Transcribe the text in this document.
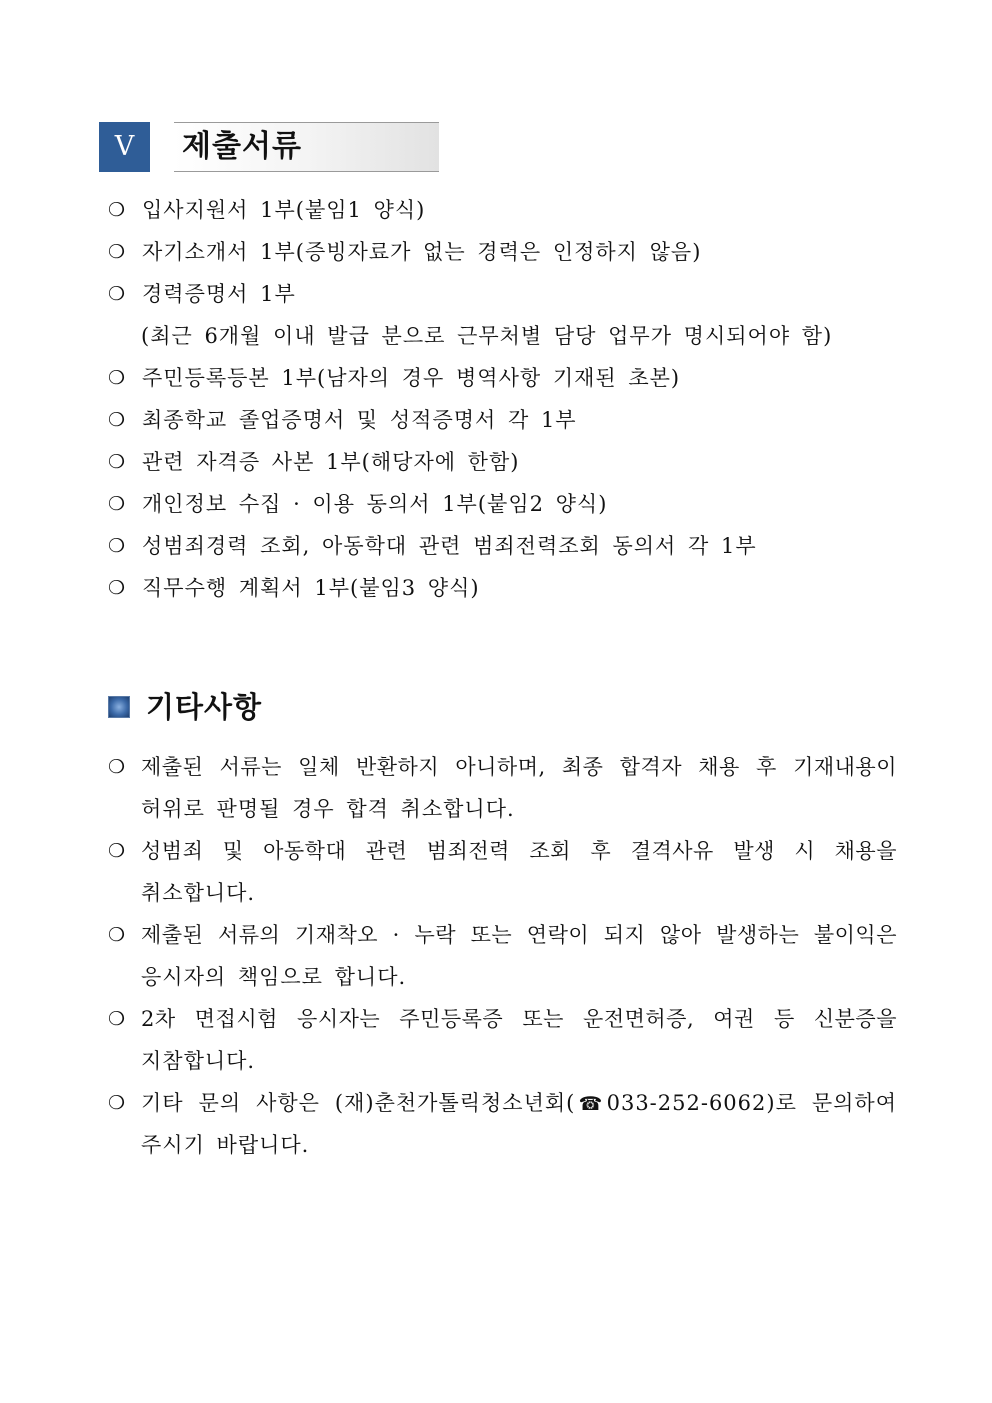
Ⅴ	제출서류
❍ 입사지원서 1부(붙임1 양식)
❍ 자기소개서 1부(증빙자료가 없는 경력은 인정하지 않음)
❍ 경력증명서 1부
(최근 6개월 이내 발급 분으로 근무처별 담당 업무가 명시되어야 함)
❍ 주민등록등본 1부(남자의 경우 병역사항 기재된 초본)
❍ 최종학교 졸업증명서 및 성적증명서 각 1부
❍ 관련 자격증 사본 1부(해당자에 한함)
❍ 개인정보 수집 · 이용 동의서 1부(붙임2 양식)
❍ 성범죄경력 조회, 아동학대 관련 범죄전력조회 동의서 각 1부
❍ 직무수행 계획서 1부(붙임3 양식)
기타사항
❍ 제출된 서류는 일체 반환하지 아니하며, 최종 합격자 채용 후 기재내용이
허위로 판명될 경우 합격 취소합니다.
❍ 성범죄 및 아동학대 관련 범죄전력 조회 후 결격사유 발생 시 채용을
취소합니다.
❍ 제출된 서류의 기재착오 · 누락 또는 연락이 되지 않아 발생하는 불이익은
응시자의 책임으로 합니다.
❍ 2차 면접시험 응시자는 주민등록증 또는 운전면허증, 여권 등 신분증을
지참합니다.
❍ 기타 문의 사항은 (재)춘천가톨릭청소년회(☎033-252-6062)로 문의하여
주시기 바랍니다.
